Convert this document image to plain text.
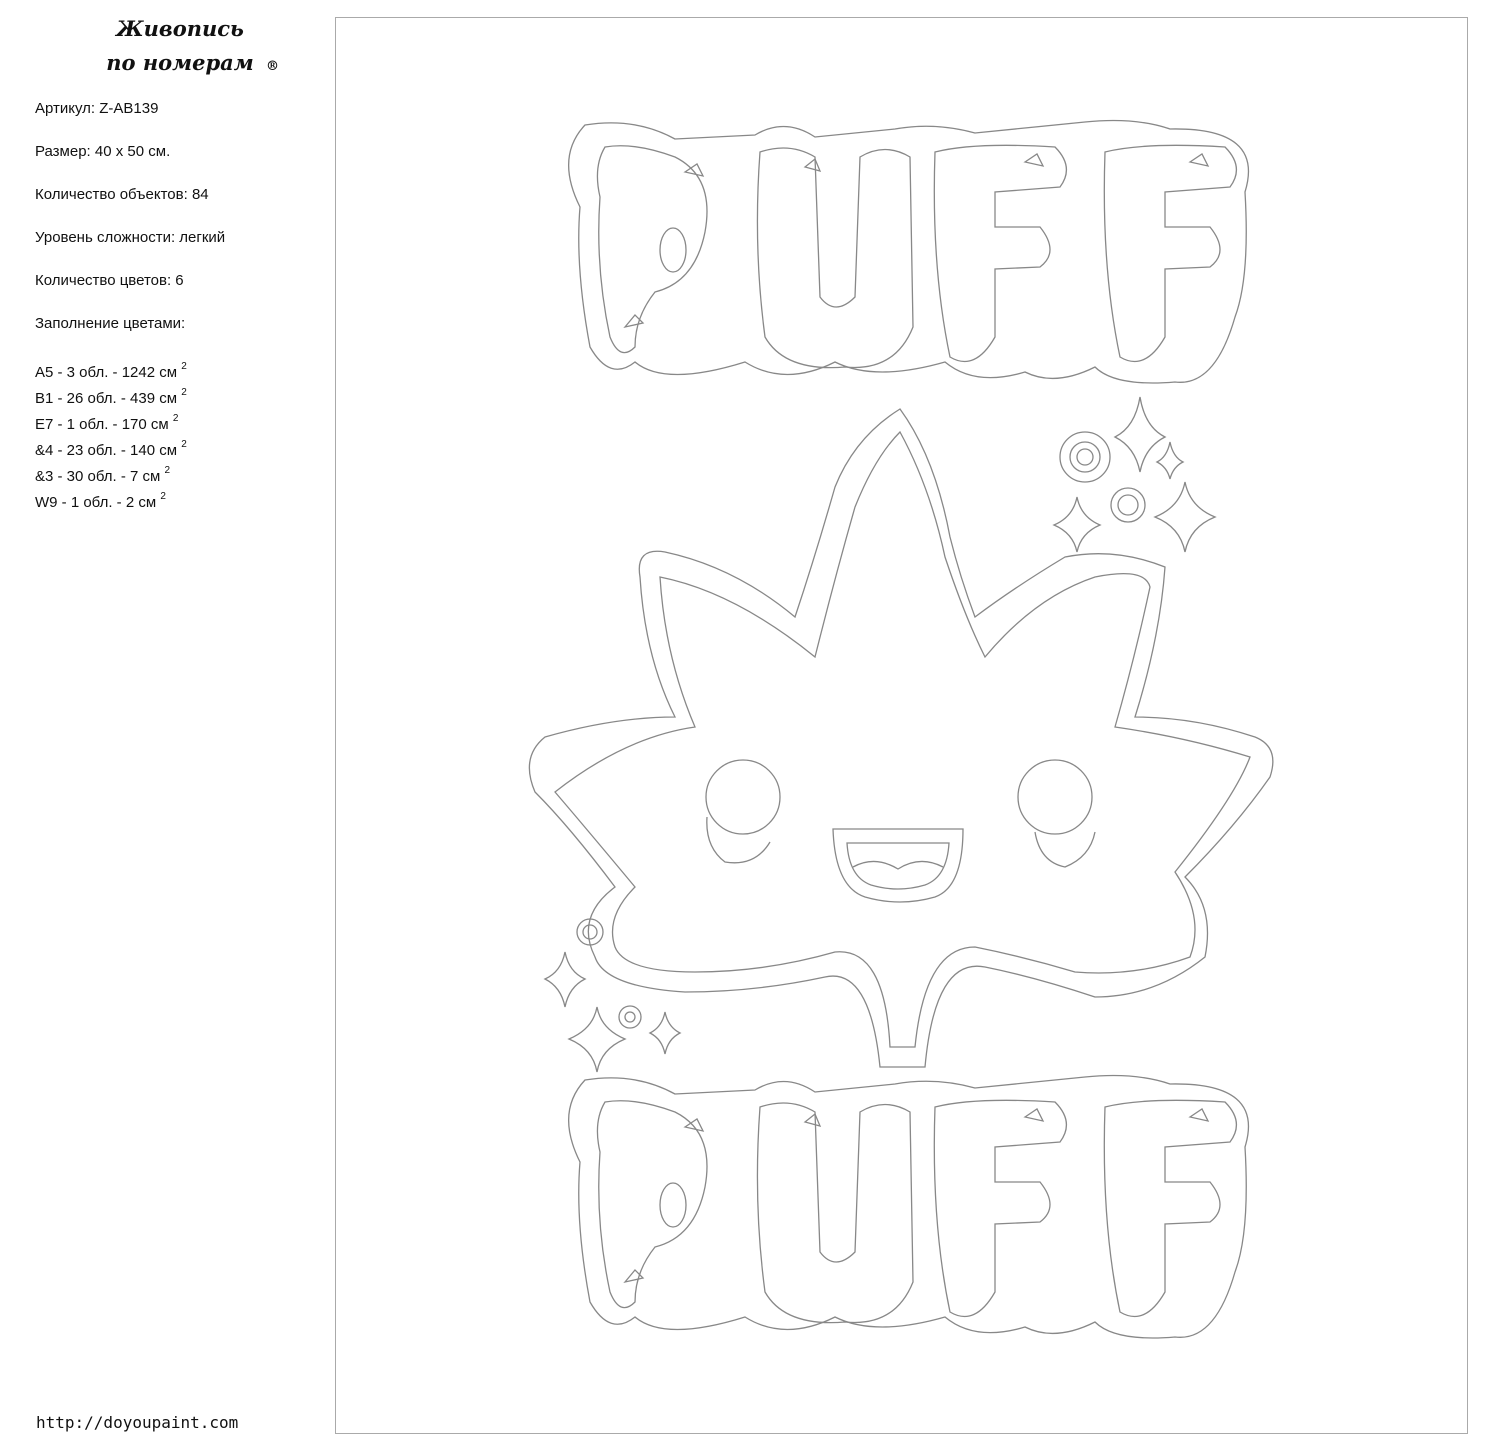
Живопись
по номерам ®

Артикул: Z-AB139

Размер: 40 х 50 см.

Количество объектов: 84

Уровень сложности: легкий

Количество цветов: 6

Заполнение цветами:

A5 - 3 обл. - 1242 см $^2$
B1 - 26 обл. - 439 см $^2$
E7 - 1 обл. - 170 см $^2$
&4 - 23 обл. - 140 см $^2$
&3 - 30 обл. - 7 см $^2$
W9 - 1 обл. - 2 см $^2$
http://doyoupaint.com
